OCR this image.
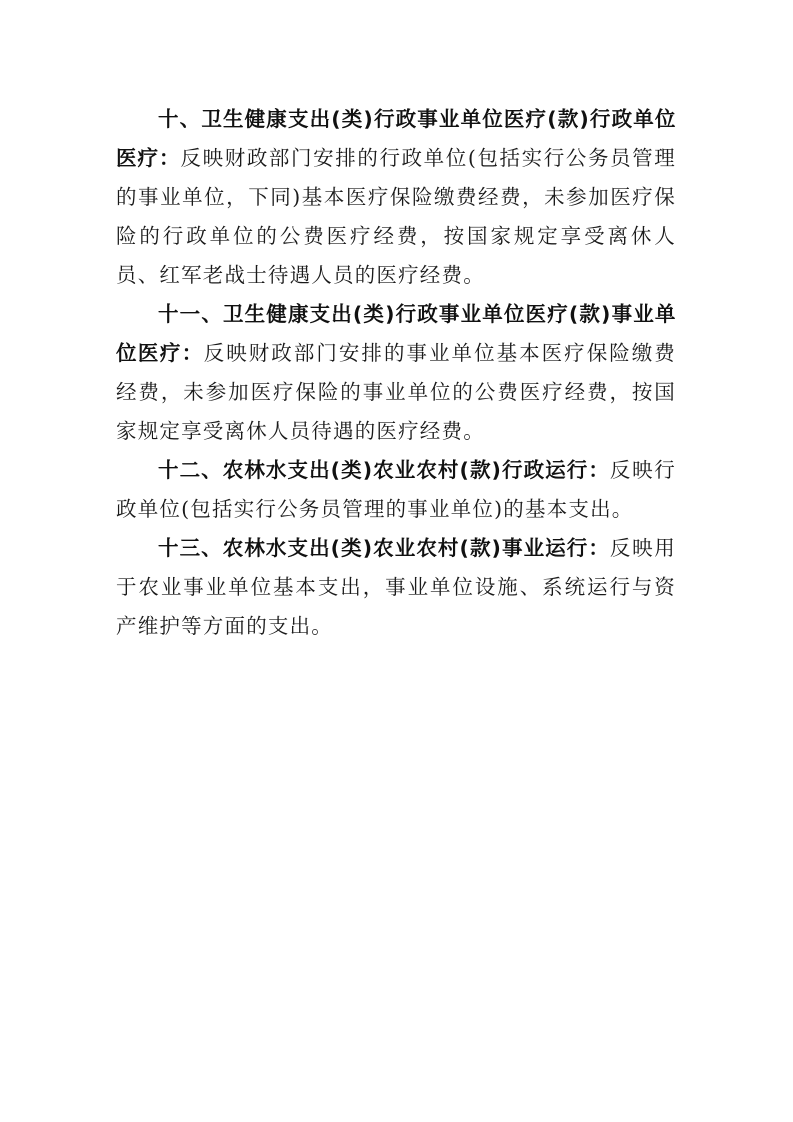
十、卫生健康支出(类)行政事业单位医疗(款)行政单位医疗：反映财政部门安排的行政单位(包括实行公务员管理的事业单位，下同)基本医疗保险缴费经费，未参加医疗保险的行政单位的公费医疗经费，按国家规定享受离休人员、红军老战士待遇人员的医疗经费。

十一、卫生健康支出(类)行政事业单位医疗(款)事业单位医疗：反映财政部门安排的事业单位基本医疗保险缴费经费，未参加医疗保险的事业单位的公费医疗经费，按国家规定享受离休人员待遇的医疗经费。

十二、农林水支出(类)农业农村(款)行政运行：反映行政单位(包括实行公务员管理的事业单位)的基本支出。

十三、农林水支出(类)农业农村(款)事业运行：反映用于农业事业单位基本支出，事业单位设施、系统运行与资产维护等方面的支出。
